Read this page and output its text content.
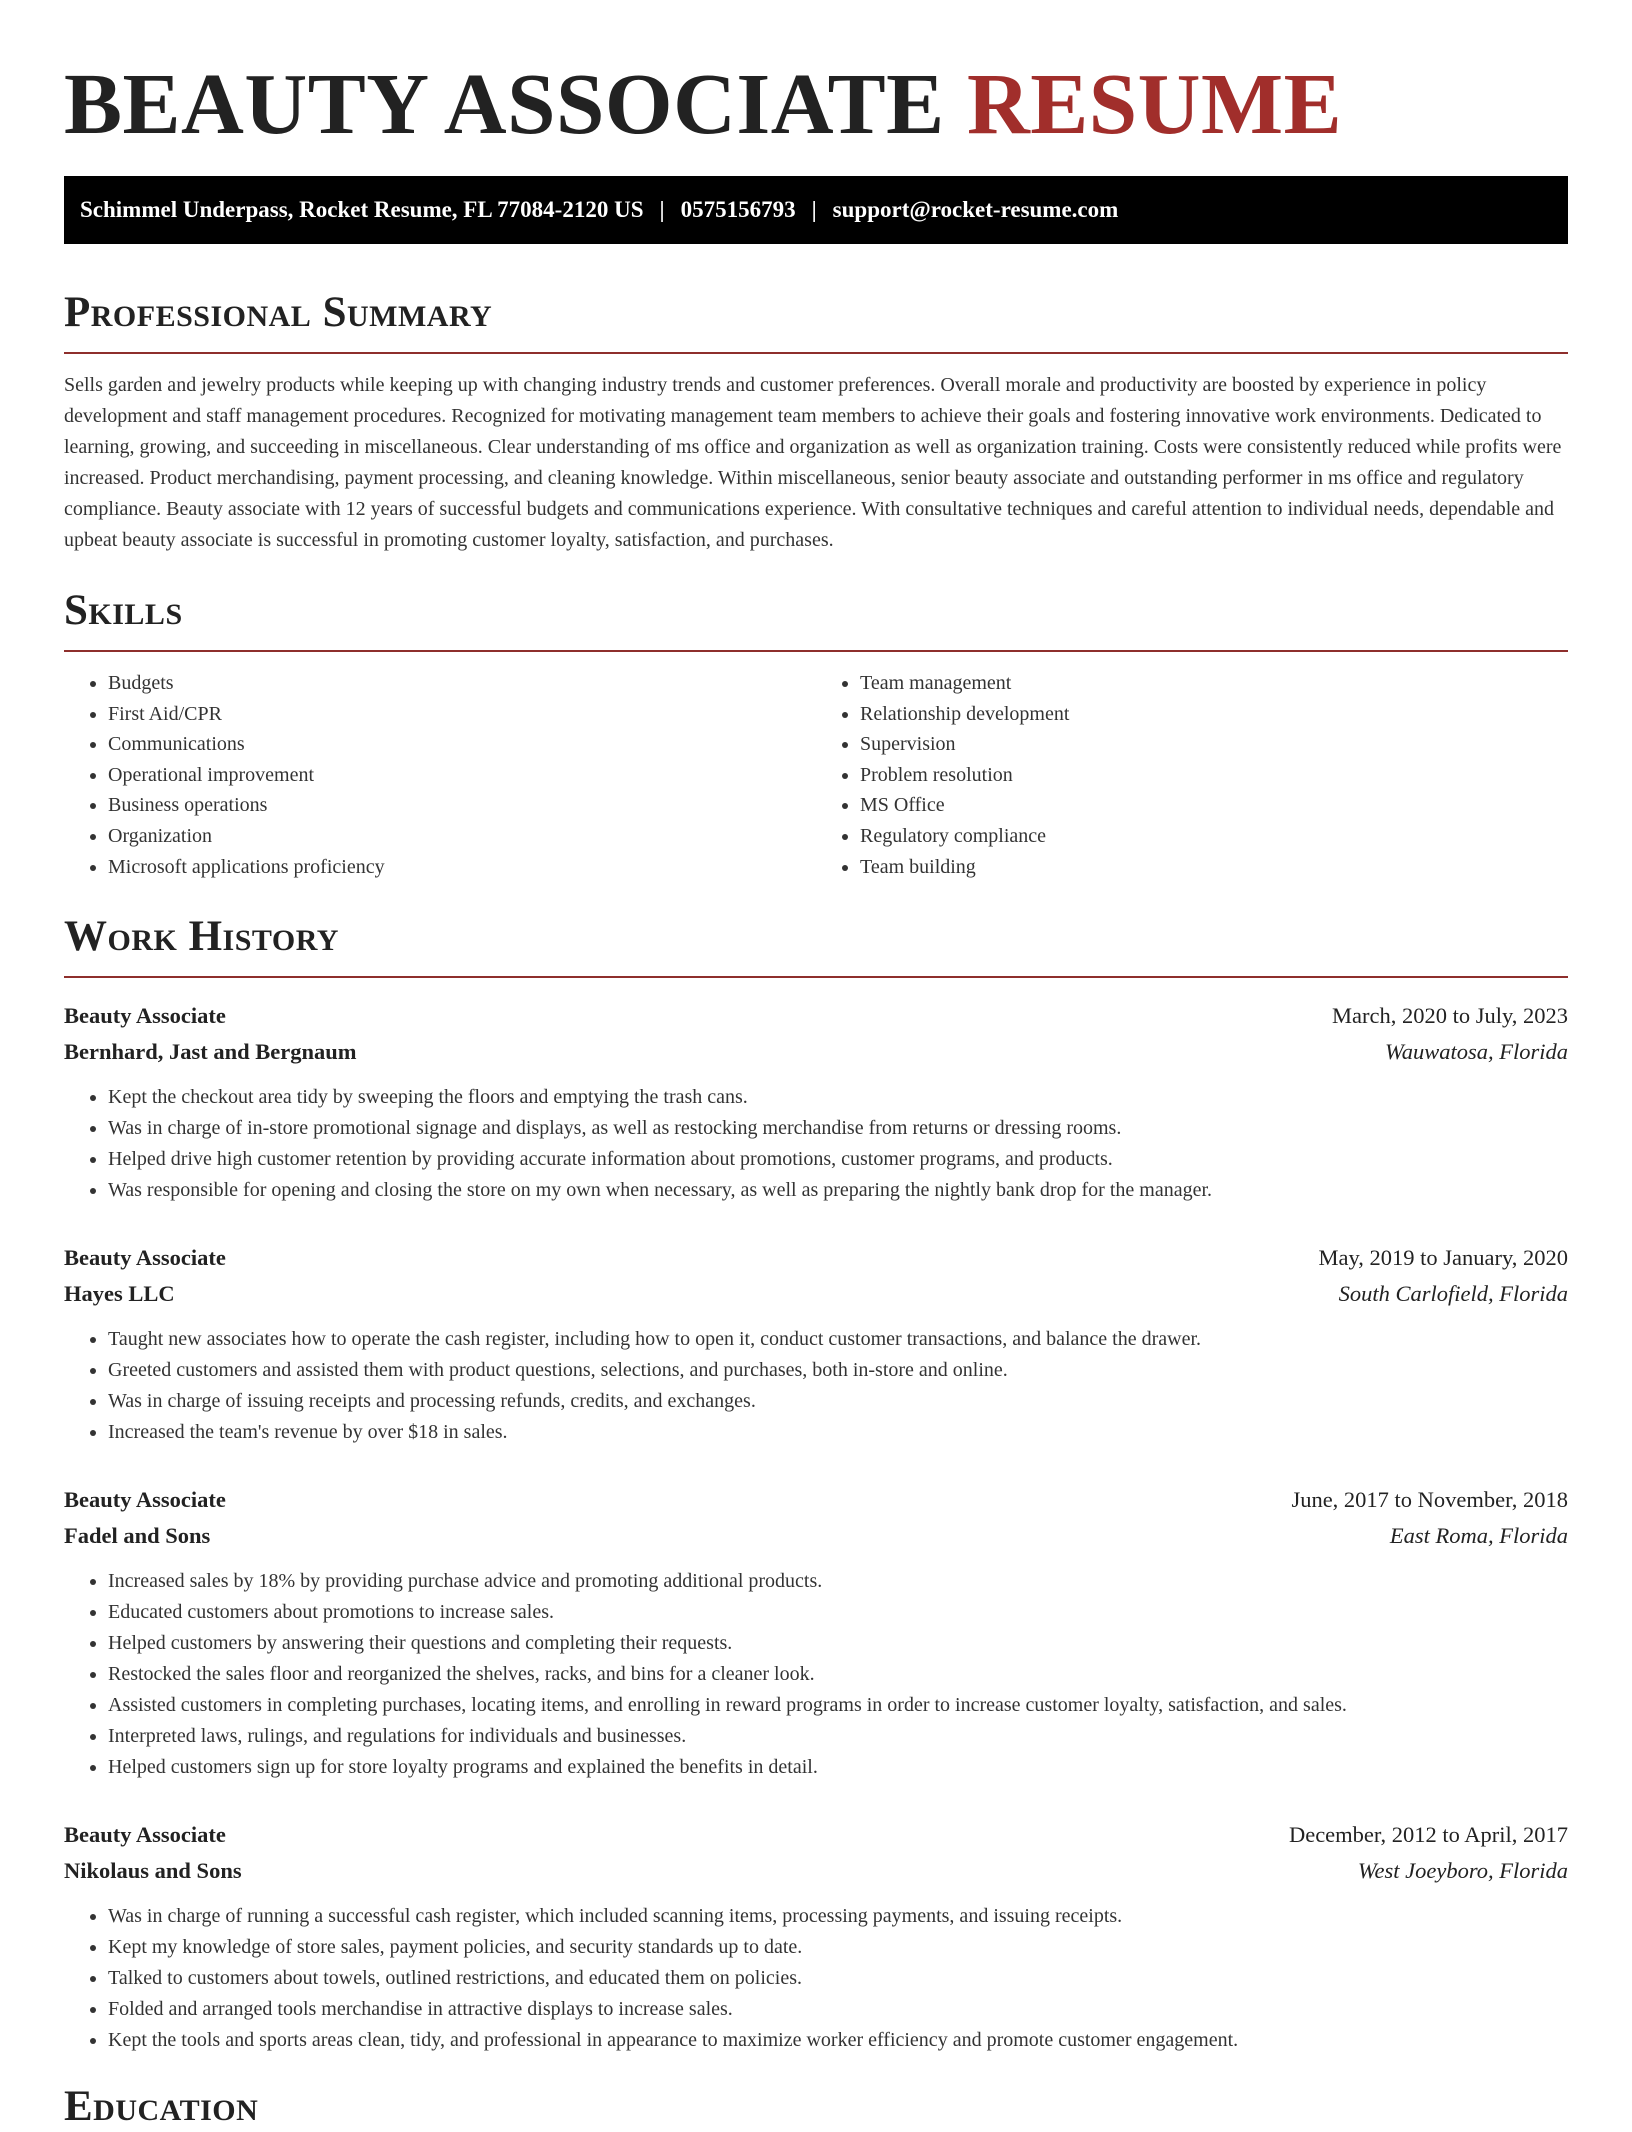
BEAUTY ASSOCIATE RESUME
Schimmel Underpass, Rocket Resume, FL 77084-2120 US | 0575156793 | support@rocket-resume.com
Professional Summary

Sells garden and jewelry products while keeping up with changing industry trends and customer preferences. Overall morale and productivity are boosted by experience in policy development and staff management procedures. Recognized for motivating management team members to achieve their goals and fostering innovative work environments. Dedicated to learning, growing, and succeeding in miscellaneous. Clear understanding of ms office and organization as well as organization training. Costs were consistently reduced while profits were increased. Product merchandising, payment processing, and cleaning knowledge. Within miscellaneous, senior beauty associate and outstanding performer in ms office and regulatory compliance. Beauty associate with 12 years of successful budgets and communications experience. With consultative techniques and careful attention to individual needs, dependable and upbeat beauty associate is successful in promoting customer loyalty, satisfaction, and purchases.

Skills
• Budgets
• First Aid/CPR
• Communications
• Operational improvement
• Business operations
• Organization
• Microsoft applications proficiency
• Team management
• Relationship development
• Supervision
• Problem resolution
• MS Office
• Regulatory compliance
• Team building
Work History
Beauty Associate	March, 2020 to July, 2023
Bernhard, Jast and Bergnaum	Wauwatosa, Florida
• Kept the checkout area tidy by sweeping the floors and emptying the trash cans.
• Was in charge of in-store promotional signage and displays, as well as restocking merchandise from returns or dressing rooms.
• Helped drive high customer retention by providing accurate information about promotions, customer programs, and products.
• Was responsible for opening and closing the store on my own when necessary, as well as preparing the nightly bank drop for the manager.
Beauty Associate	May, 2019 to January, 2020
Hayes LLC	South Carlofield, Florida
• Taught new associates how to operate the cash register, including how to open it, conduct customer transactions, and balance the drawer.
• Greeted customers and assisted them with product questions, selections, and purchases, both in-store and online.
• Was in charge of issuing receipts and processing refunds, credits, and exchanges.
• Increased the team's revenue by over $18 in sales.
Beauty Associate	June, 2017 to November, 2018
Fadel and Sons	East Roma, Florida
• Increased sales by 18% by providing purchase advice and promoting additional products.
• Educated customers about promotions to increase sales.
• Helped customers by answering their questions and completing their requests.
• Restocked the sales floor and reorganized the shelves, racks, and bins for a cleaner look.
• Assisted customers in completing purchases, locating items, and enrolling in reward programs in order to increase customer loyalty, satisfaction, and sales.
• Interpreted laws, rulings, and regulations for individuals and businesses.
• Helped customers sign up for store loyalty programs and explained the benefits in detail.
Beauty Associate	December, 2012 to April, 2017
Nikolaus and Sons	West Joeyboro, Florida
• Was in charge of running a successful cash register, which included scanning items, processing payments, and issuing receipts.
• Kept my knowledge of store sales, payment policies, and security standards up to date.
• Talked to customers about towels, outlined restrictions, and educated them on policies.
• Folded and arranged tools merchandise in attractive displays to increase sales.
• Kept the tools and sports areas clean, tidy, and professional in appearance to maximize worker efficiency and promote customer engagement.
Education
